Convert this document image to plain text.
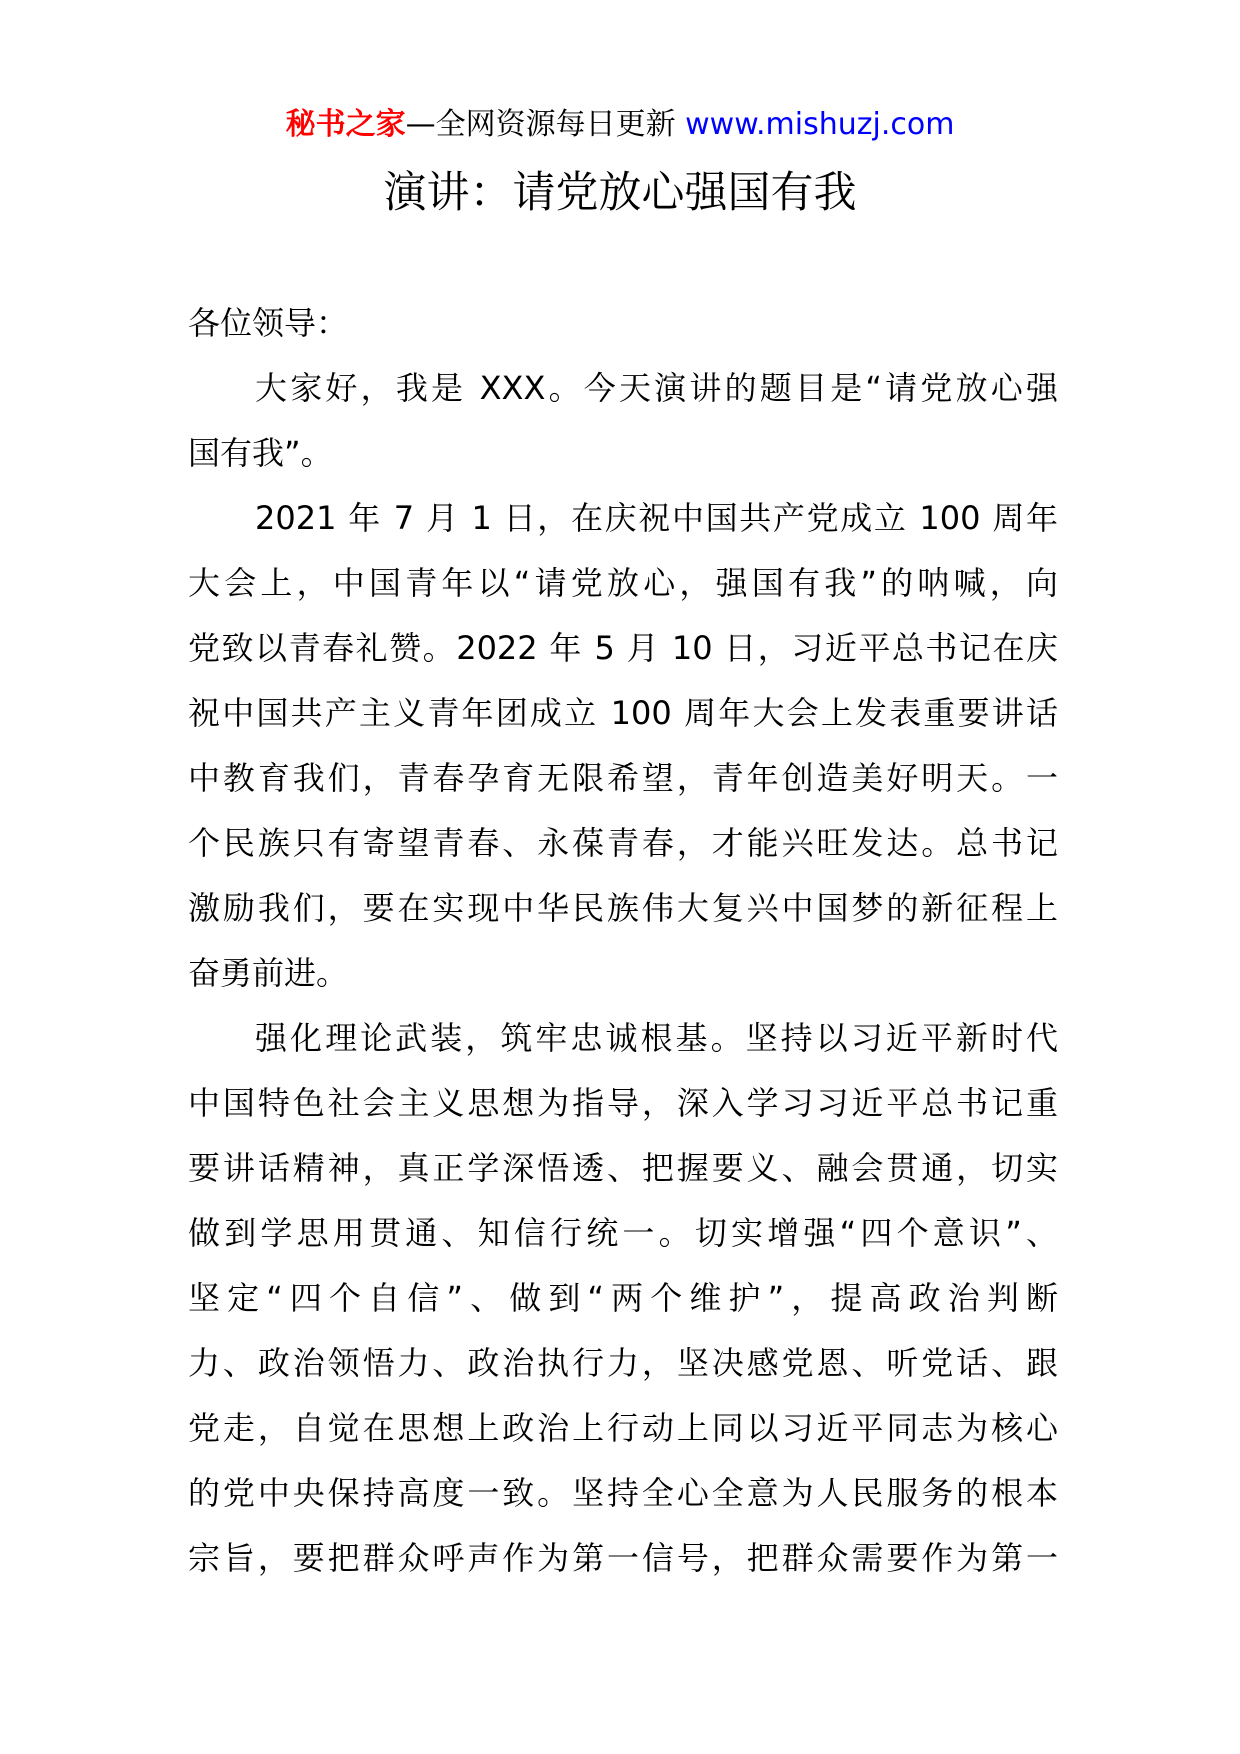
秘书之家—全网资源每日更新 www.mishuzj.com
演讲：请党放心强国有我
各位领导：
大家好，我是 XXX。今天演讲的题目是“请党放心强
国有我”。
2021 年 7 月 1 日，在庆祝中国共产党成立 100 周年
大会上，中国青年以“请党放心，强国有我”的呐喊，向
党致以青春礼赞。2022 年 5 月 10 日，习近平总书记在庆
祝中国共产主义青年团成立 100 周年大会上发表重要讲话
中教育我们，青春孕育无限希望，青年创造美好明天。一
个民族只有寄望青春、永葆青春，才能兴旺发达。总书记
激励我们，要在实现中华民族伟大复兴中国梦的新征程上
奋勇前进。
强化理论武装，筑牢忠诚根基。坚持以习近平新时代
中国特色社会主义思想为指导，深入学习习近平总书记重
要讲话精神，真正学深悟透、把握要义、融会贯通，切实
做到学思用贯通、知信行统一。切实增强“四个意识”、
坚定“四个自信”、做到“两个维护”，提高政治判断
力、政治领悟力、政治执行力，坚决感党恩、听党话、跟
党走，自觉在思想上政治上行动上同以习近平同志为核心
的党中央保持高度一致。坚持全心全意为人民服务的根本
宗旨，要把群众呼声作为第一信号，把群众需要作为第一
